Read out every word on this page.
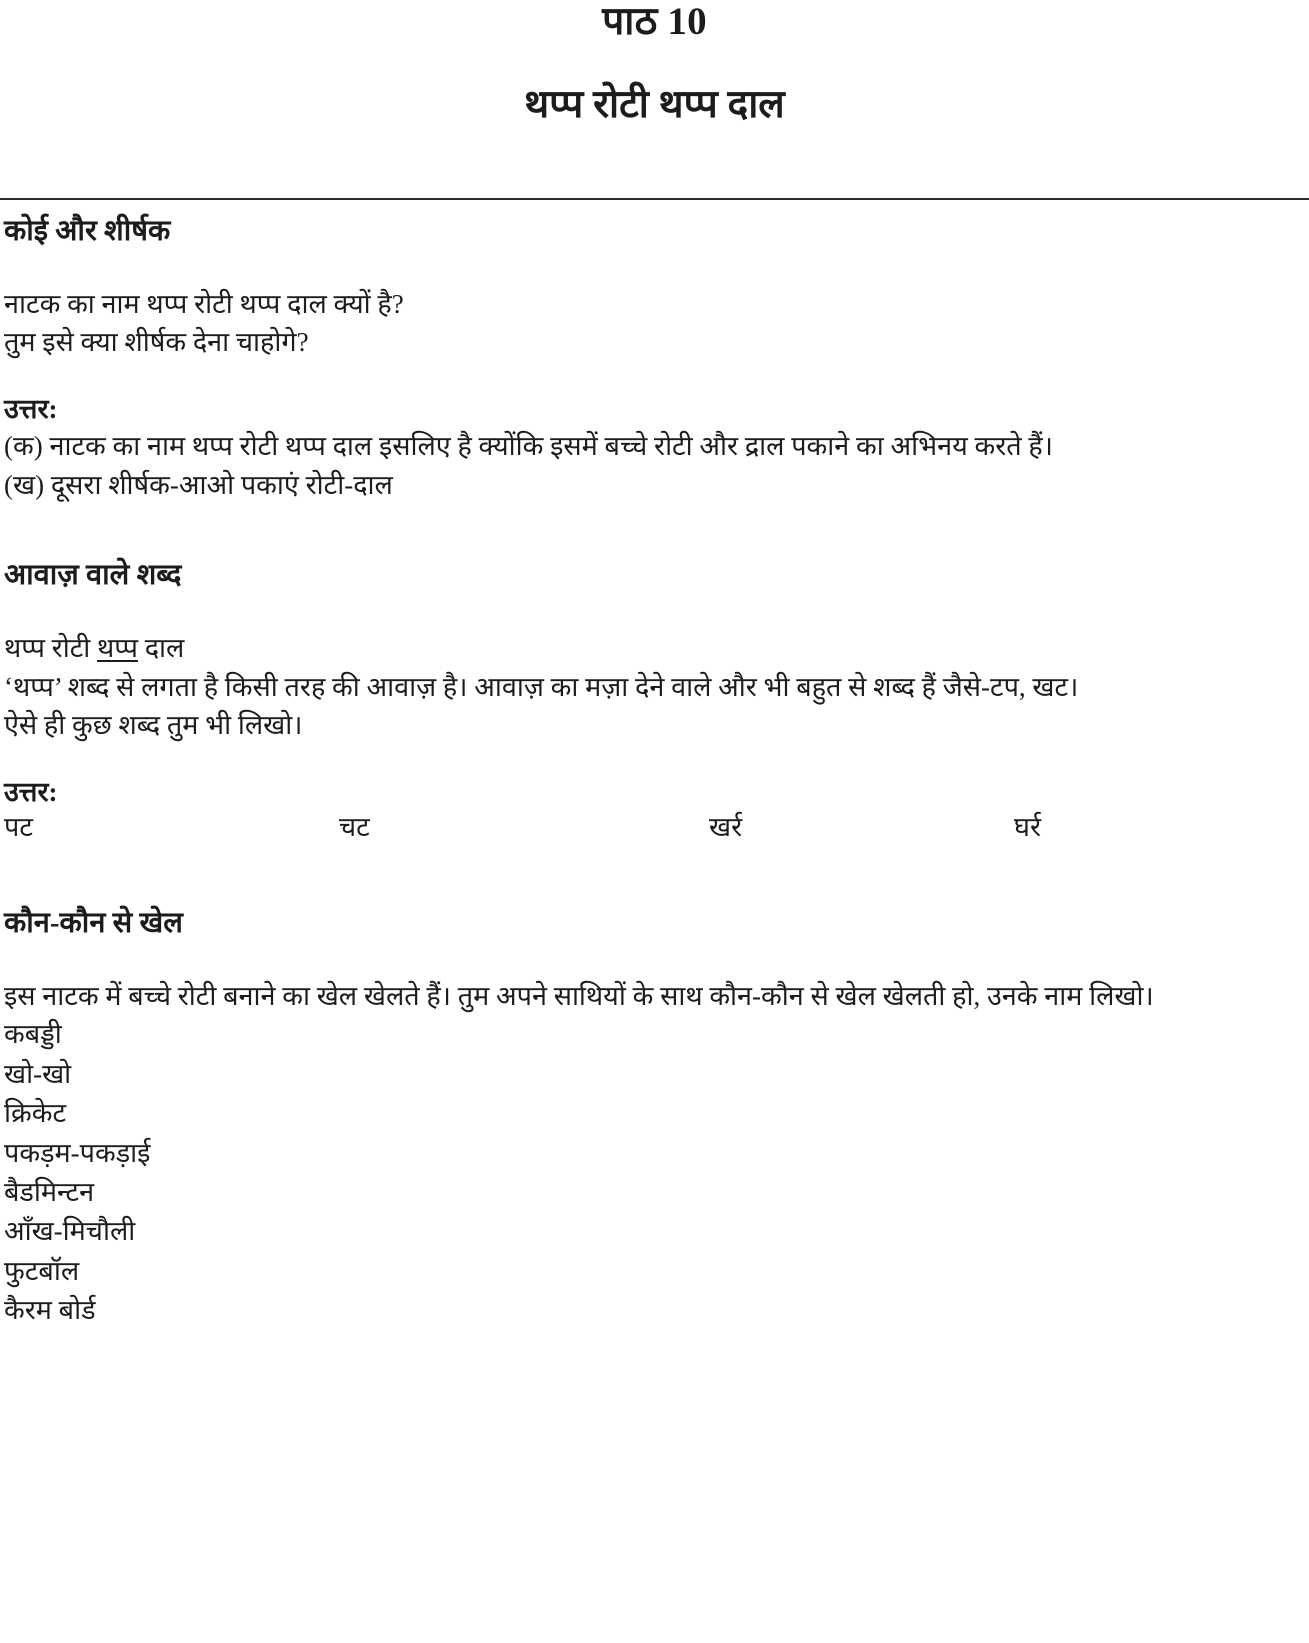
पाठ 10
थप्प रोटी थप्प दाल
कोई और शीर्षक

नाटक का नाम थप्प रोटी थप्प दाल क्यों है?

तुम इसे क्या शीर्षक देना चाहोगे?

उत्तर:

(क) नाटक का नाम थप्प रोटी थप्प दाल इसलिए है क्योंकि इसमें बच्चे रोटी और द्राल पकाने का अभिनय करते हैं।

(ख) दूसरा शीर्षक-आओ पकाएं रोटी-दाल

आवाज़ वाले शब्द

थप्प रोटी थप्प दाल

‘थप्प’ शब्द से लगता है किसी तरह की आवाज़ है। आवाज़ का मज़ा देने वाले और भी बहुत से शब्द हैं जैसे-टप, खट।

ऐसे ही कुछ शब्द तुम भी लिखो।

उत्तर:

पट	चट	खर्र	घर्र
कौन-कौन से खेल

इस नाटक में बच्चे रोटी बनाने का खेल खेलते हैं। तुम अपने साथियों के साथ कौन-कौन से खेल खेलती हो, उनके नाम लिखो।

कबड्डी
खो-खो
क्रिकेट
पकड़म-पकड़ाई
बैडमिन्टन
आँख-मिचौली
फुटबॉल
कैरम बोर्ड
